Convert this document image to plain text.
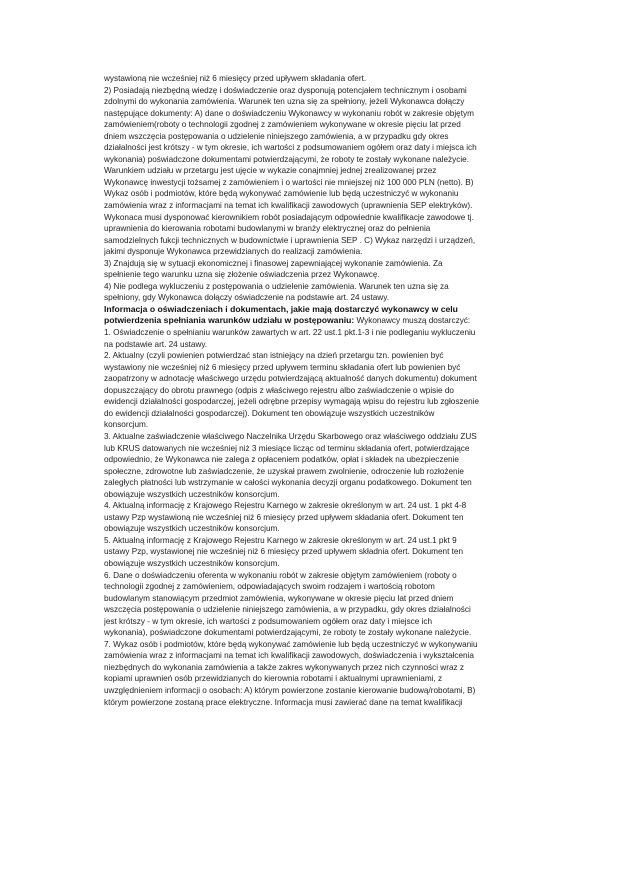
wystawioną nie wcześniej niż 6 miesięcy przed upływem składania ofert.
2) Posiadają niezbędną wiedzę i doświadczenie oraz dysponują potencjałem technicznym i osobami
zdolnymi do wykonania zamówienia. Warunek ten uzna się za spełniony, jeżeli Wykonawca dołączy
następujące dokumenty: A) dane o doświadczeniu Wykonawcy w wykonaniu robót w zakresie objętym
zamówieniem(roboty o technologii zgodnej z zamówieniem wykonywane w okresie pięciu lat przed
dniem wszczęcia postępowania o udzielenie niniejszego zamówienia, a w przypadku gdy okres
działalności jest krótszy - w tym okresie, ich wartości z podsumowaniem ogółem oraz daty i miejsca ich
wykonania) poświadczone dokumentami potwierdzającymi, że roboty te zostały wykonane należycie.
Warunkiem udziału w przetargu jest ujęcie w wykazie conajmniej jednej zrealizowanej przez
Wykonawcę inwestycji tożsamej z zamówieniem i o wartości nie mniejszej niż 100 000 PLN (netto). B)
Wykaz osób i podmiotów, które będą wykonywać zamówienie lub będą uczestniczyć w wykonaniu
zamówienia wraz z informacjami na temat ich kwalifikacji zawodowych (uprawnienia SEP elektryków).
Wykonaca musi dysponować kierownikiem robót posiadającym odpowiednie kwalifikacje zawodowe tj.
uprawnienia do kierowania robotami budowlanymi w branży elektrycznej oraz do pełnienia
samodzielnych fukcji technicznych w budownictwie i uprawnienia SEP . C) Wykaz narzędzi i urządzeń,
jakimi dysponuje Wykonawca przewidzianych do realizacji zamówienia.
3) Znajdują się w sytuacji ekonomicznej i finasowej zapewniającej wykonanie zamówienia. Za
spełnienie tego warunku uzna się złożenie oświadczenia przez Wykonawcę.
4) Nie podlega wykluczeniu z postępowania o udzielenie zamówienia. Warunek ten uzna się za
spełniony, gdy Wykonawca dołączy oświadczenie na podstawie art. 24 ustawy.
Informacja o oświadczeniach i dokumentach, jakie mają dostarczyć wykonawcy w celu
potwierdzenia spełniania warunków udziału w postępowaniu: Wykonawcy muszą dostarczyć:
1. Oświadczenie o spełnianiu warunków zawartych w art. 22 ust.1 pkt.1-3 i nie podleganiu wykluczeniu
na podstawie art. 24 ustawy.
2. Aktualny (czyli powienien potwierdzać stan istniejący na dzień przetargu tzn. powienien być
wystawiony nie wcześniej niż 6 miesięcy przed upływem terminu składania ofert lub powienien być
zaopatrzony w adnotację właściwego urzędu potwierdzającą aktualność danych dokumentu) dokument
dopuszczający do obrotu prawnego (odpis z właściwego rejestru albo zaświadczenie o wpisie do
ewidencji działalności gospodarczej, jeżeli odrębne przepisy wymagają wpisu do rejestru lub zgłoszenie
do ewidencji działalności gospodarczej). Dokument ten obowiązuje wszystkich uczestników
konsorcjum.
3. Aktualne zaświadczenie właściwego Naczelnika Urzędu Skarbowego oraz właściwego oddziału ZUS
lub KRUS datowanych nie wcześniej niż 3 miesiące licząc od terminu składania ofert, potwierdzające
odpowiednio, że Wykonawca nie zalega z opłaceniem podatków, opłat i składek na ubezpieczenie
społeczne, zdrowotne lub zaświadczenie, że uzyskał prawem zwolnienie, odroczenie lub rozłożenie
zaległych płatności lub wstrzymanie w całości wykonania decyzji organu podatkowego. Dokument ten
obowiązuje wszystkich uczestników konsorcjum.
4. Aktualną informację z Krajowego Rejestru Karnego w zakresie określonym w art. 24 ust. 1 pkt 4-8
ustawy Pzp wystawioną nie wcześniej niż 6 miesięcy przed upływem składania ofert. Dokument ten
obowiązuje wszystkich uczestników konsorcjum.
5. Aktualną informację z Krajowego Rejestru Karnego w zakresie określonym w art. 24 ust.1 pkt 9
ustawy Pzp, wystawionej nie wcześniej niż 6 miesięcy przed upływem składnia ofert. Dokument ten
obowiązuje wszystkich uczestników konsorcjum.
6. Dane o doświadczeniu oferenta w wykonaniu robót w zakresie objętym zamówieniem (roboty o
technologii zgodnej z zamówieniem, odpowiadających swoim rodzajem i wartością robotom
budowlanym stanowiącym przedmiot zamówienia, wykonywane w okresie pięciu lat przed dniem
wszczęcia postępowania o udzielenie niniejszego zamówienia, a w przypadku, gdy okres działalności
jest krótszy - w tym okresie, ich wartości z podsumowaniem ogółem oraz daty i miejsce ich
wykonania), poświadczone dokumentami potwierdzającymi, że roboty te zostały wykonane należycie.
7. Wykaz osób i podmiotów, które będą wykonywać zamówienie lub będą uczestniczyć w wykonywaniu
zamówienia wraz z informacjami na temat ich kwalifikacji zawodowych, doświadczenia i wykształcenia
niezbędnych do wykonania zamówienia a także zakres wykonywanych przez nich czynności wraz z
kopiami uprawnień osób przewidzianych do kierownia robotami i aktualnymi uprawnieniami, z
uwzględnieniem informacji o osobach: A) którym powierzone zostanie kierowanie budową/robotami, B)
którym powierzone zostaną prace elektryczne. Informacja musi zawierać dane na temat kwalifikacji
